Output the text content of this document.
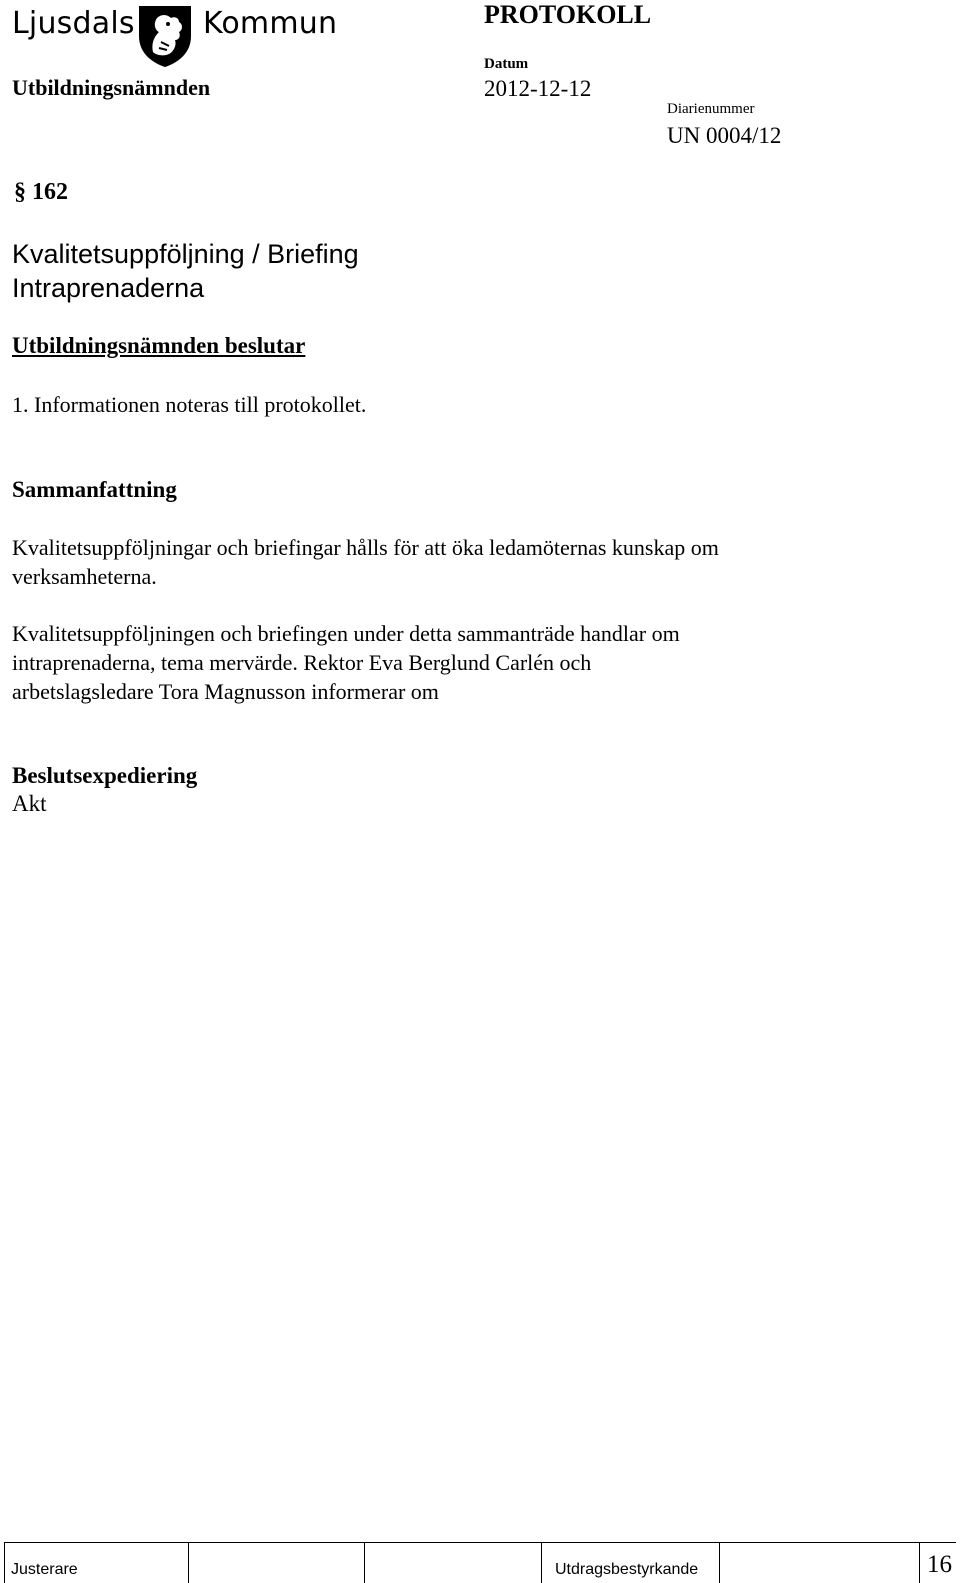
Ljusdals Kommun	PROTOKOLL
Utbildningsnämnden
Datum
2012-12-12
Diarienummer
UN 0004/12
§ 162
Kvalitetsuppföljning / Briefing
Intraprenaderna
Utbildningsnämnden beslutar
1. Informationen noteras till protokollet.
Sammanfattning
Kvalitetsuppföljningar och briefingar hålls för att öka ledamöternas kunskap om
verksamheterna.
Kvalitetsuppföljningen och briefingen under detta sammanträde handlar om
intraprenaderna, tema mervärde. Rektor Eva Berglund Carlén och
arbetslagsledare Tora Magnusson informerar om
Beslutsexpediering
Akt
Justerare	Utdragsbestyrkande	16
